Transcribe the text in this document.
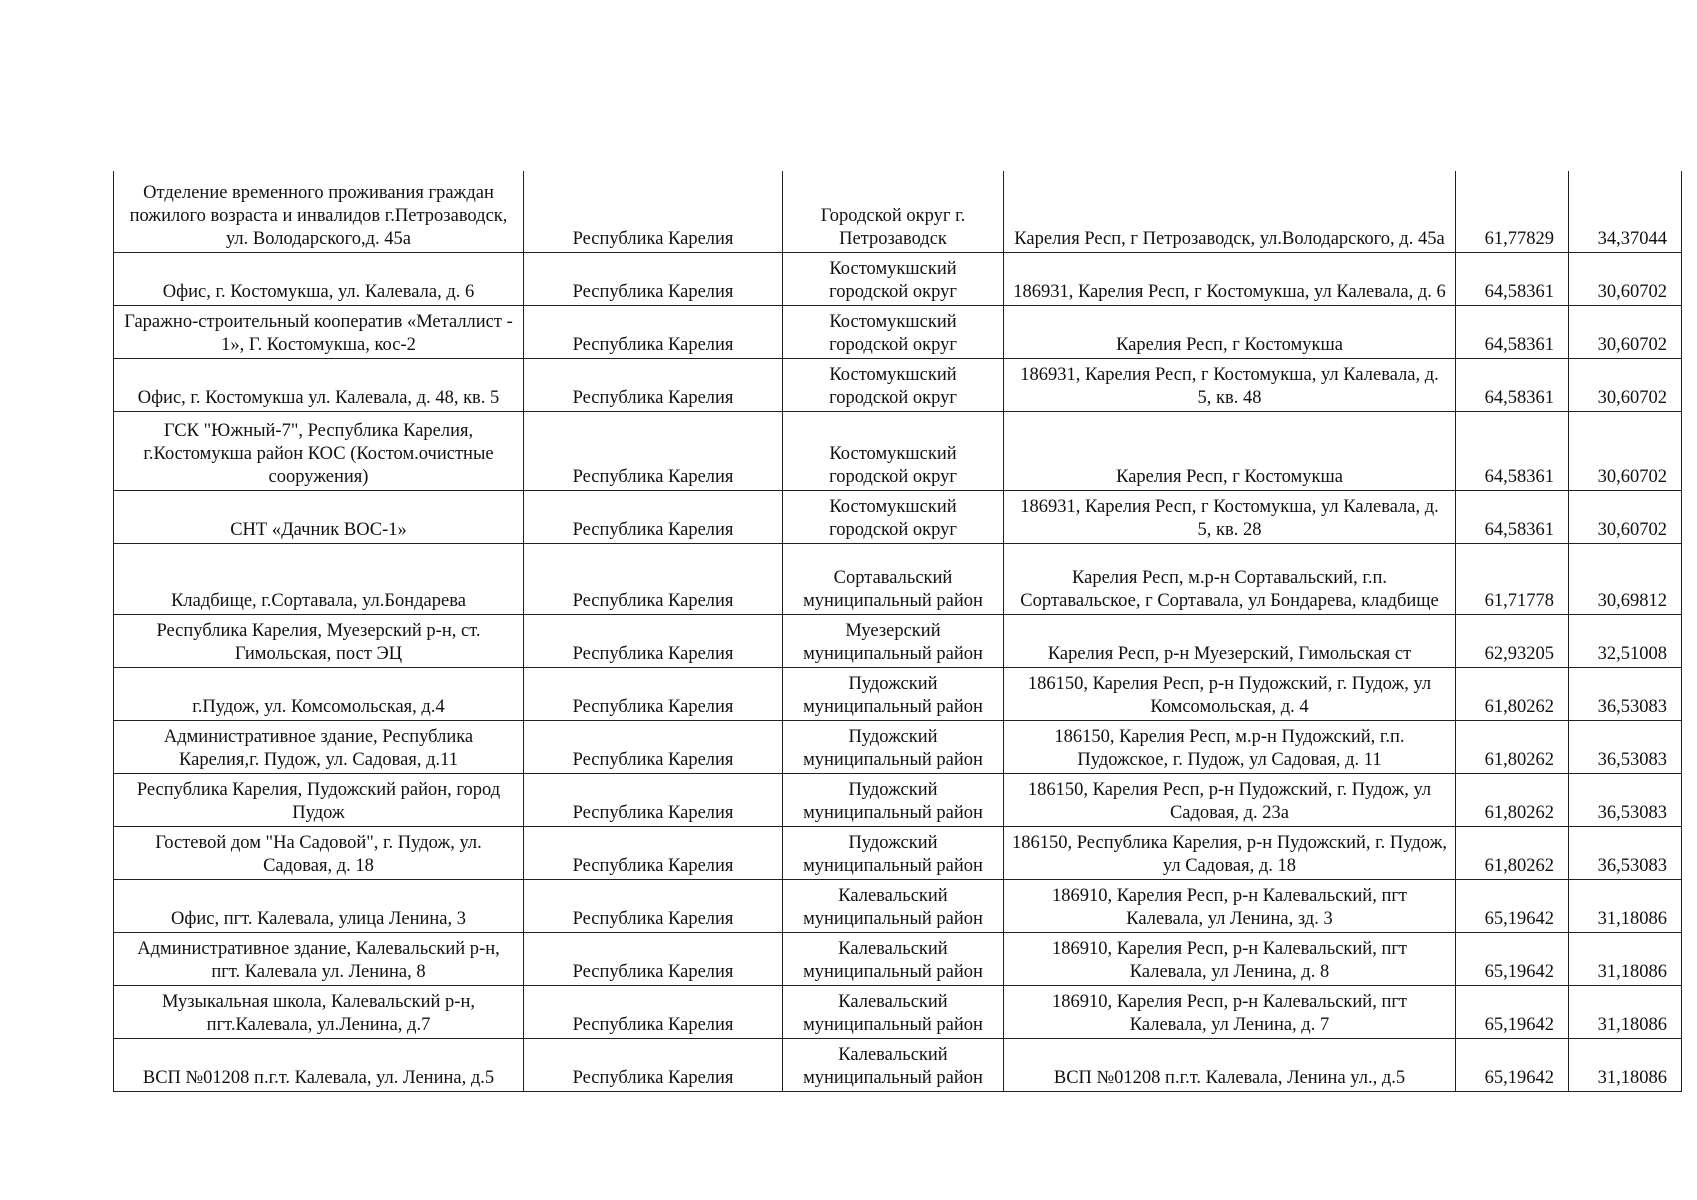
Отделение временного проживания граждан пожилого возраста и инвалидов г.Петрозаводск, ул. Володарского,д. 45а	Республика Карелия	Городской округ г. Петрозаводск	Карелия Респ, г Петрозаводск, ул.Володарского, д. 45а	61,77829	34,37044
Офис, г. Костомукша, ул. Калевала, д. 6	Республика Карелия	Костомукшский городской округ	186931, Карелия Респ, г Костомукша, ул Калевала, д. 6	64,58361	30,60702
Гаражно-строительный кооператив «Металлист - 1», Г. Костомукша, кос-2	Республика Карелия	Костомукшский городской округ	Карелия Респ, г Костомукша	64,58361	30,60702
Офис, г. Костомукша ул. Калевала, д. 48, кв. 5	Республика Карелия	Костомукшский городской округ	186931, Карелия Респ, г Костомукша, ул Калевала, д. 5, кв. 48	64,58361	30,60702
ГСК "Южный-7", Республика Карелия, г.Костомукша район КОС (Костом.очистные сооружения)	Республика Карелия	Костомукшский городской округ	Карелия Респ, г Костомукша	64,58361	30,60702
СНТ «Дачник ВОС-1»	Республика Карелия	Костомукшский городской округ	186931, Карелия Респ, г Костомукша, ул Калевала, д. 5, кв. 28	64,58361	30,60702
Кладбище, г.Сортавала, ул.Бондарева	Республика Карелия	Сортавальский муниципальный район	Карелия Респ, м.р-н Сортавальский, г.п. Сортавальское, г Сортавала, ул Бондарева, кладбище	61,71778	30,69812
Республика Карелия, Муезерский р-н, ст. Гимольская, пост ЭЦ	Республика Карелия	Муезерский муниципальный район	Карелия Респ, р-н Муезерский, Гимольская ст	62,93205	32,51008
г.Пудож, ул. Комсомольская, д.4	Республика Карелия	Пудожский муниципальный район	186150, Карелия Респ, р-н Пудожский, г. Пудож, ул Комсомольская, д. 4	61,80262	36,53083
Административное здание, Республика Карелия,г. Пудож, ул. Садовая, д.11	Республика Карелия	Пудожский муниципальный район	186150, Карелия Респ, м.р-н Пудожский, г.п. Пудожское, г. Пудож, ул Садовая, д. 11	61,80262	36,53083
Республика Карелия, Пудожский район, город Пудож	Республика Карелия	Пудожский муниципальный район	186150, Карелия Респ, р-н Пудожский, г. Пудож, ул Садовая, д. 23а	61,80262	36,53083
Гостевой дом "На Садовой", г. Пудож, ул. Садовая, д. 18	Республика Карелия	Пудожский муниципальный район	186150, Республика Карелия, р-н Пудожский, г. Пудож, ул Садовая, д. 18	61,80262	36,53083
Офис, пгт. Калевала, улица Ленина, 3	Республика Карелия	Калевальский муниципальный район	186910, Карелия Респ, р-н Калевальский, пгт Калевала, ул Ленина, зд. 3	65,19642	31,18086
Административное здание, Калевальский р-н, пгт. Калевала ул. Ленина, 8	Республика Карелия	Калевальский муниципальный район	186910, Карелия Респ, р-н Калевальский, пгт Калевала, ул Ленина, д. 8	65,19642	31,18086
Музыкальная школа, Калевальский р-н, пгт.Калевала, ул.Ленина, д.7	Республика Карелия	Калевальский муниципальный район	186910, Карелия Респ, р-н Калевальский, пгт Калевала, ул Ленина, д. 7	65,19642	31,18086
ВСП №01208 п.г.т. Калевала, ул. Ленина, д.5	Республика Карелия	Калевальский муниципальный район	ВСП №01208 п.г.т. Калевала, Ленина ул., д.5	65,19642	31,18086
